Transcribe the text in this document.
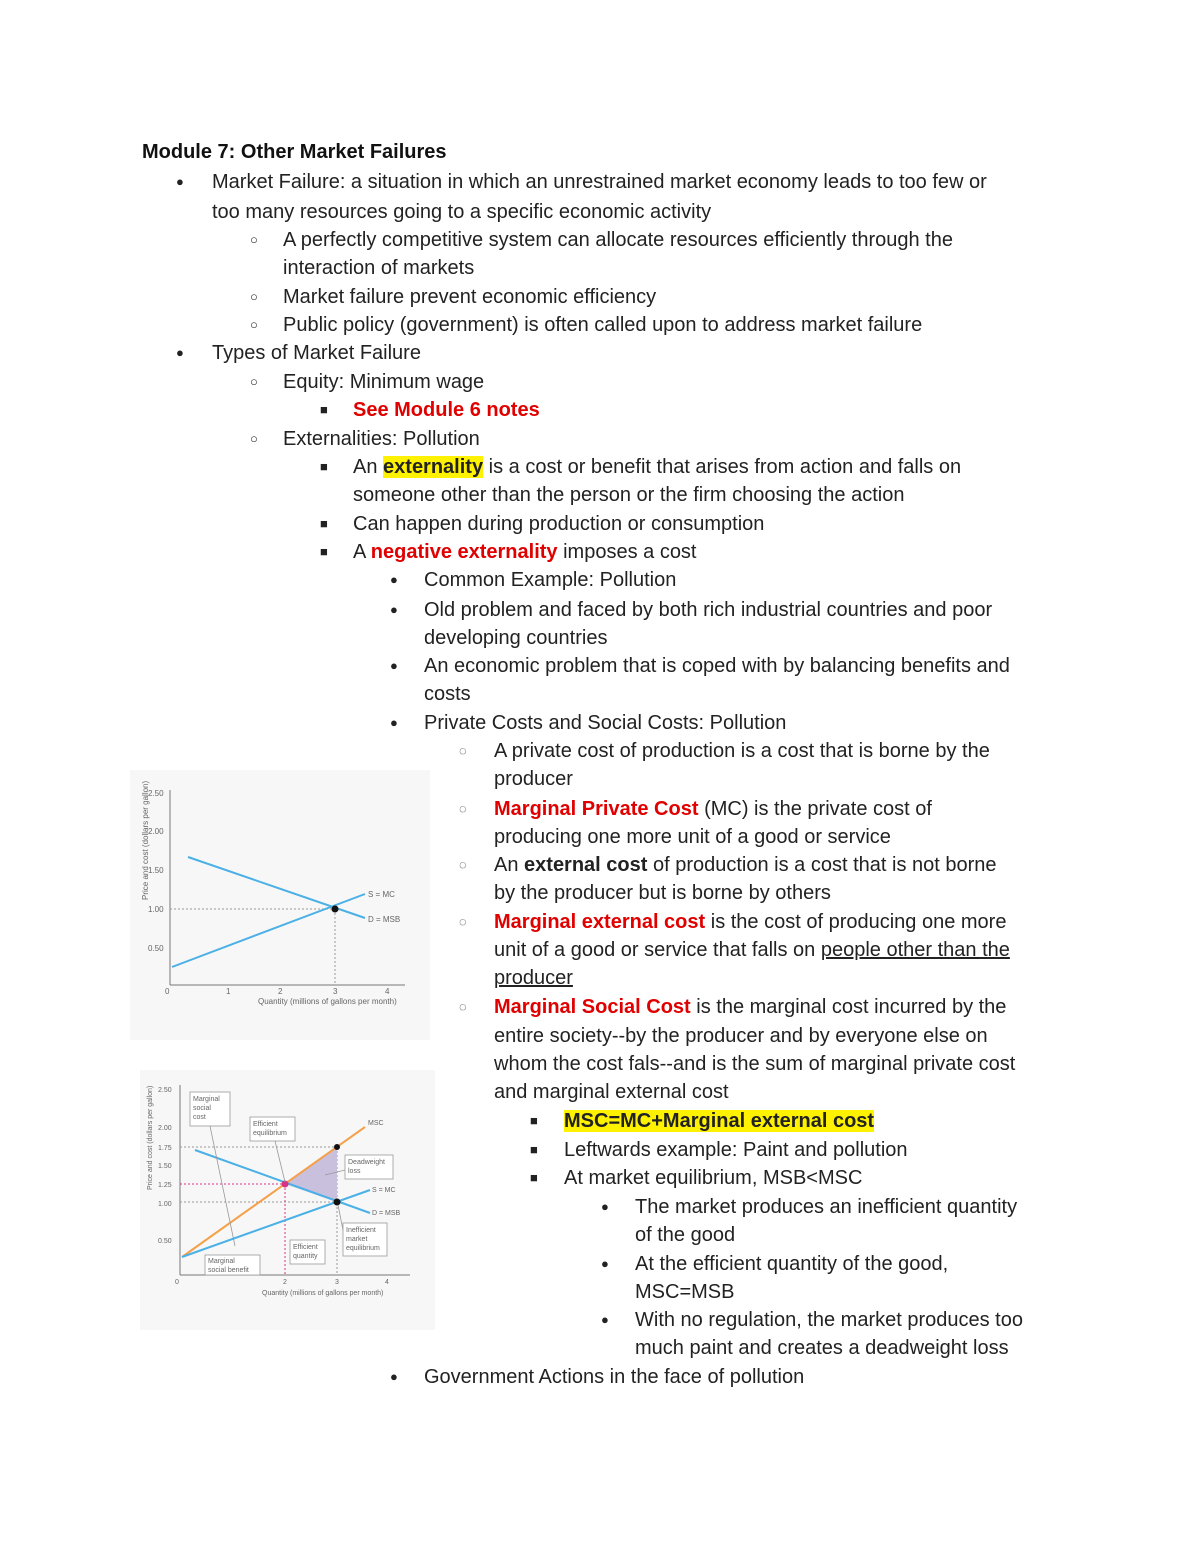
Module 7: Other Market Failures
● Market Failure: a situation in which an unrestrained market economy leads to too few or
too many resources going to a specific economic activity
○ A perfectly competitive system can allocate resources efficiently through the
interaction of markets
○ Market failure prevent economic efficiency
○ Public policy (government) is often called upon to address market failure
● Types of Market Failure
○ Equity: Minimum wage
■ See Module 6 notes
○ Externalities: Pollution
■ An externality is a cost or benefit that arises from action and falls on
someone other than the person or the firm choosing the action
■ Can happen during production or consumption
■ A negative externality imposes a cost
● Common Example: Pollution
● Old problem and faced by both rich industrial countries and poor
developing countries
● An economic problem that is coped with by balancing benefits and
costs
● Private Costs and Social Costs: Pollution
◌ A private cost of production is a cost that is borne by the
producer
◌ Marginal Private Cost (MC) is the private cost of
producing one more unit of a good or service
◌ An external cost of production is a cost that is not borne
by the producer but is borne by others
◌ Marginal external cost is the cost of producing one more
unit of a good or service that falls on people other than the
producer
◌ Marginal Social Cost is the marginal cost incurred by the
entire society--by the producer and by everyone else on
whom the cost fals--and is the sum of marginal private cost
and marginal external cost
■ MSC=MC+Marginal external cost
■ Leftwards example: Paint and pollution
■ At market equilibrium, MSB<MSC
● The market produces an inefficient quantity
of the good
● At the efficient quantity of the good,
MSC=MSB
● With no regulation, the market produces too
much paint and creates a deadweight loss
● Government Actions in the face of pollution
Price and cost (dollars per gallon)
2.50
2.00
1.50
1.00
0.50
0	1	2	3	4
Quantity (millions of gallons per month)
S = MC
D = MSB
Price and cost (dollars per gallon) 2.50
2.00
1.75
1.50
1.25
1.00
0.50
0	2	3	4
Quantity (millions of gallons per month)
MSC
S = MC
D = MSB
Marginal social cost
Efficient equilibrium
Deadweight loss
Inefficient market equilibrium
Efficient quantity
Marginal social benefit
